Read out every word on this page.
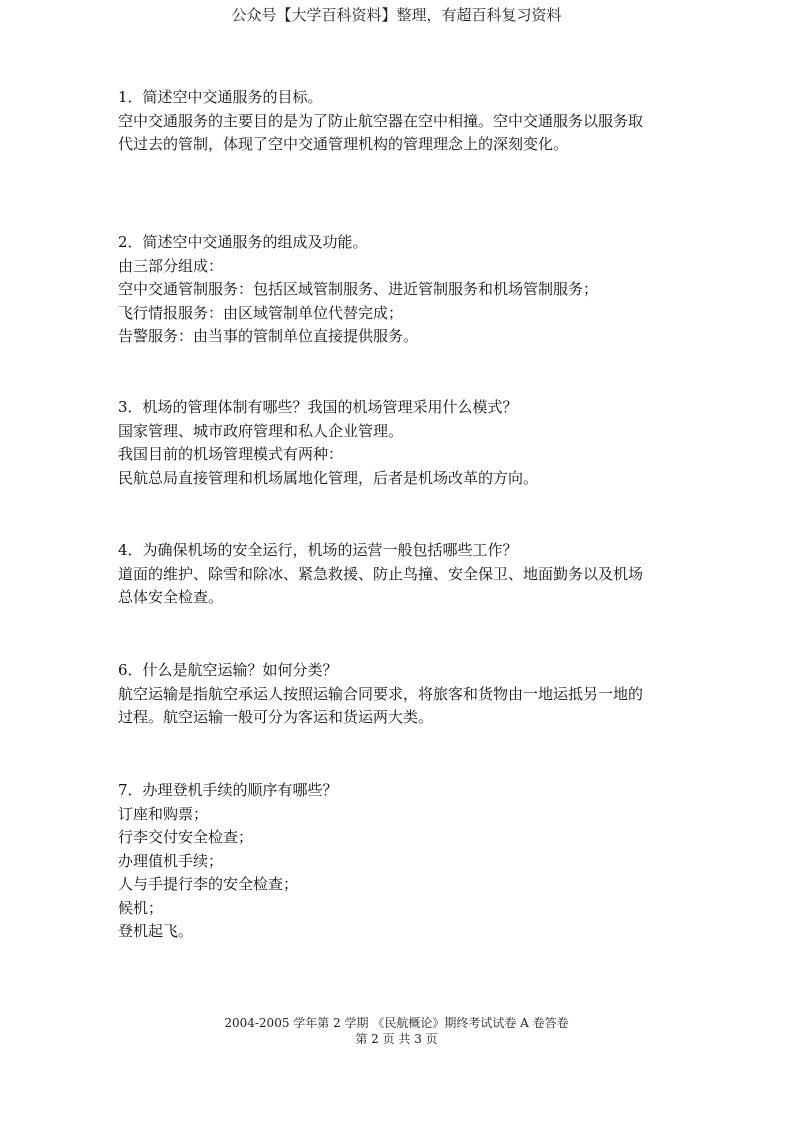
公众号【大学百科资料】整理，有超百科复习资料

1．简述空中交通服务的目标。

空中交通服务的主要目的是为了防止航空器在空中相撞。空中交通服务以服务取

代过去的管制，体现了空中交通管理机构的管理理念上的深刻变化。

2．简述空中交通服务的组成及功能。

由三部分组成：

空中交通管制服务：包括区域管制服务、进近管制服务和机场管制服务；

飞行情报服务：由区域管制单位代替完成；

告警服务：由当事的管制单位直接提供服务。

3．机场的管理体制有哪些？我国的机场管理采用什么模式？

国家管理、城市政府管理和私人企业管理。

我国目前的机场管理模式有两种：

民航总局直接管理和机场属地化管理，后者是机场改革的方向。

4．为确保机场的安全运行，机场的运营一般包括哪些工作？

道面的维护、除雪和除冰、紧急救援、防止鸟撞、安全保卫、地面勤务以及机场

总体安全检查。

6．什么是航空运输？如何分类？

航空运输是指航空承运人按照运输合同要求，将旅客和货物由一地运抵另一地的

过程。航空运输一般可分为客运和货运两大类。

7．办理登机手续的顺序有哪些？

订座和购票；

行李交付安全检查；

办理值机手续；

人与手提行李的安全检查；

候机；

登机起飞。

2004-2005 学年第 2 学期 《民航概论》期终考试试卷 A 卷答卷
第 2 页 共 3 页
